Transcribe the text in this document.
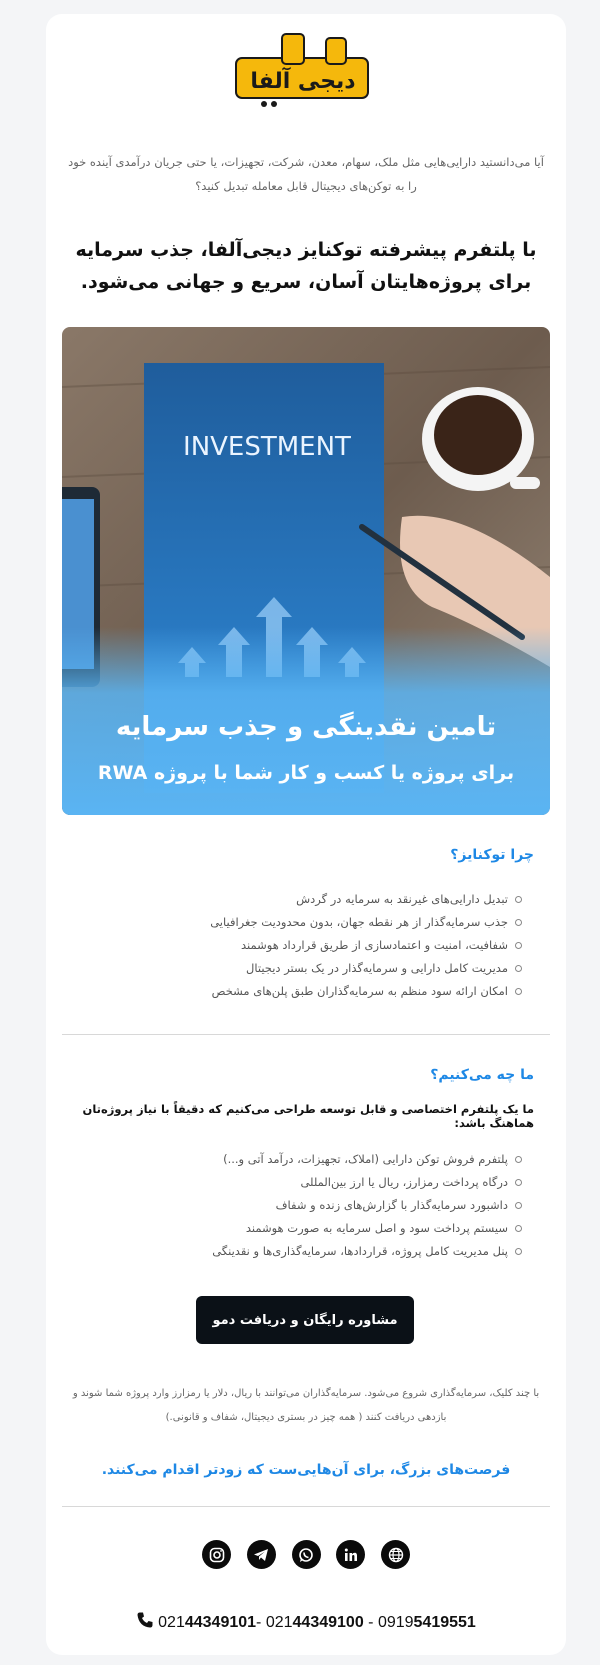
دیجی آلفا
آیا می‌دانستید دارایی‌هایی مثل ملک، سهام، معدن، شرکت، تجهیزات، یا حتی جریان درآمدی آینده خود را به توکن‌های دیجیتال قابل معامله تبدیل کنید؟
با پلتفرم پیشرفته توکنایز دیجی‌آلفا، جذب سرمایه برای پروژه‌هایتان آسان، سریع و جهانی می‌شود.
INVESTMENT
تامین نقدینگی و جذب سرمایه
برای پروژه یا کسب و کار شما با پروژه RWA
چرا توکنایز؟
تبدیل دارایی‌های غیرنقد به سرمایه در گردش
جذب سرمایه‌گذار از هر نقطه جهان، بدون محدودیت جغرافیایی
شفافیت، امنیت و اعتمادسازی از طریق قرارداد هوشمند
مدیریت کامل دارایی و سرمایه‌گذار در یک بستر دیجیتال
امکان ارائه سود منظم به سرمایه‌گذاران طبق پلن‌های مشخص
ما چه می‌کنیم؟
ما یک پلتفرم اختصاصی و قابل توسعه طراحی می‌کنیم که دقیقاً با نیاز پروژه‌تان هماهنگ باشد:
پلتفرم فروش توکن دارایی (املاک، تجهیزات، درآمد آتی و...)
درگاه پرداخت رمزارز، ریال یا ارز بین‌المللی
داشبورد سرمایه‌گذار با گزارش‌های زنده و شفاف
سیستم پرداخت سود و اصل سرمایه به صورت هوشمند
پنل مدیریت کامل پروژه، قراردادها، سرمایه‌گذاری‌ها و نقدینگی
مشاوره رایگان و دریافت دمو
با چند کلیک، سرمایه‌گذاری شروع می‌شود. سرمایه‌گذاران می‌توانند با ریال، دلار یا رمزارز وارد پروژه شما شوند و بازدهی دریافت کنند ( همه چیز در بستری دیجیتال، شفاف و قانونی.)
فرصت‌های بزرگ، برای آن‌هایی‌ست که زودتر اقدام می‌کنند.
021 44349101 - 021 44349100 - 0919 5419551
